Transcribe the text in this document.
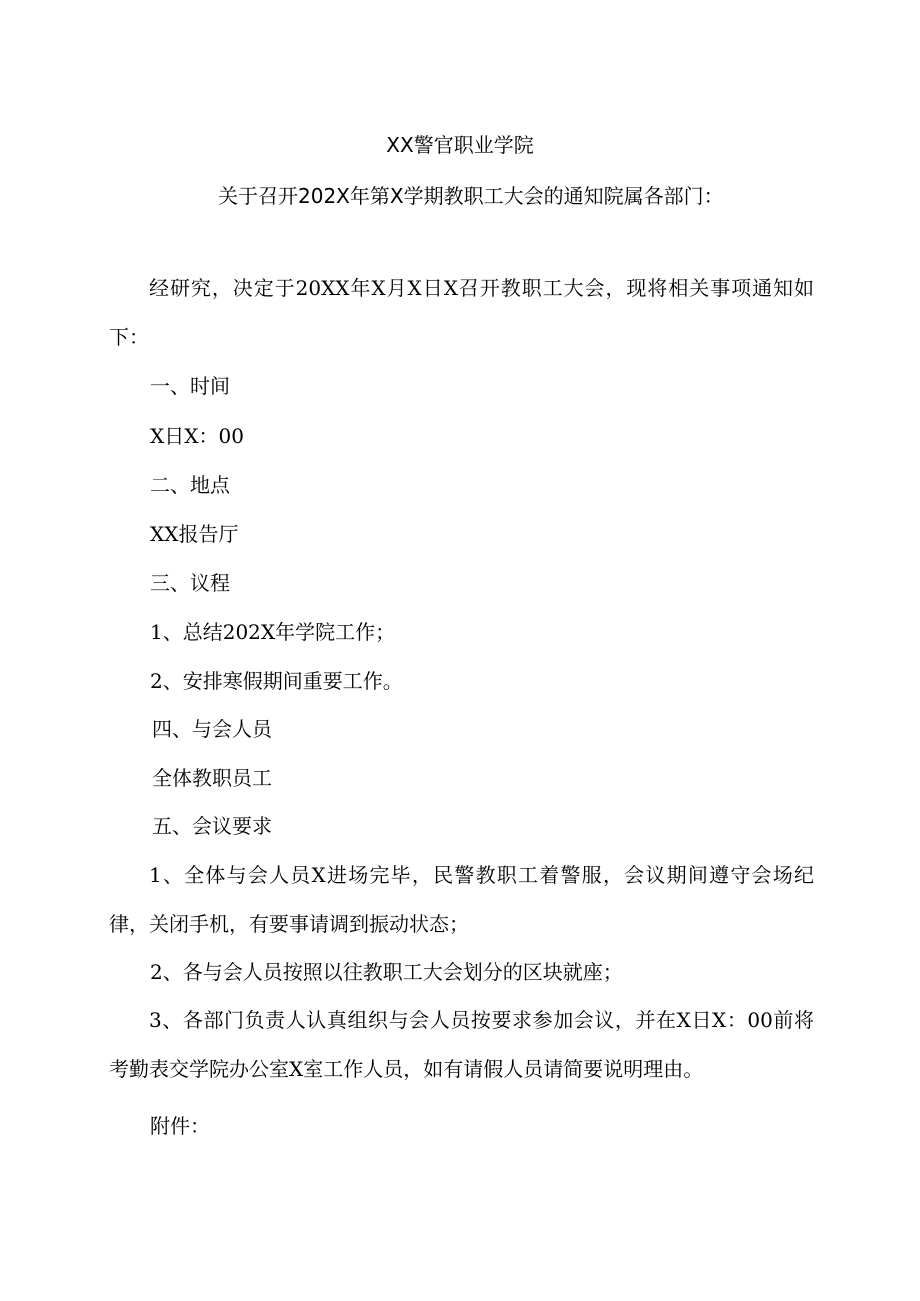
XX警官职业学院
关于召开202X年第X学期教职工大会的通知院属各部门：
经研究，决定于20XX年X月X日X召开教职工大会，现将相关事项通知如下：
一、时间
X日X：00
二、地点
XX报告厅
三、议程
1、总结202X年学院工作；
2、安排寒假期间重要工作。
四、与会人员
全体教职员工
五、会议要求
1、全体与会人员X进场完毕，民警教职工着警服，会议期间遵守会场纪律，关闭手机，有要事请调到振动状态；
2、各与会人员按照以往教职工大会划分的区块就座；
3、各部门负责人认真组织与会人员按要求参加会议，并在X日X：00前将考勤表交学院办公室X室工作人员，如有请假人员请简要说明理由。
附件：
